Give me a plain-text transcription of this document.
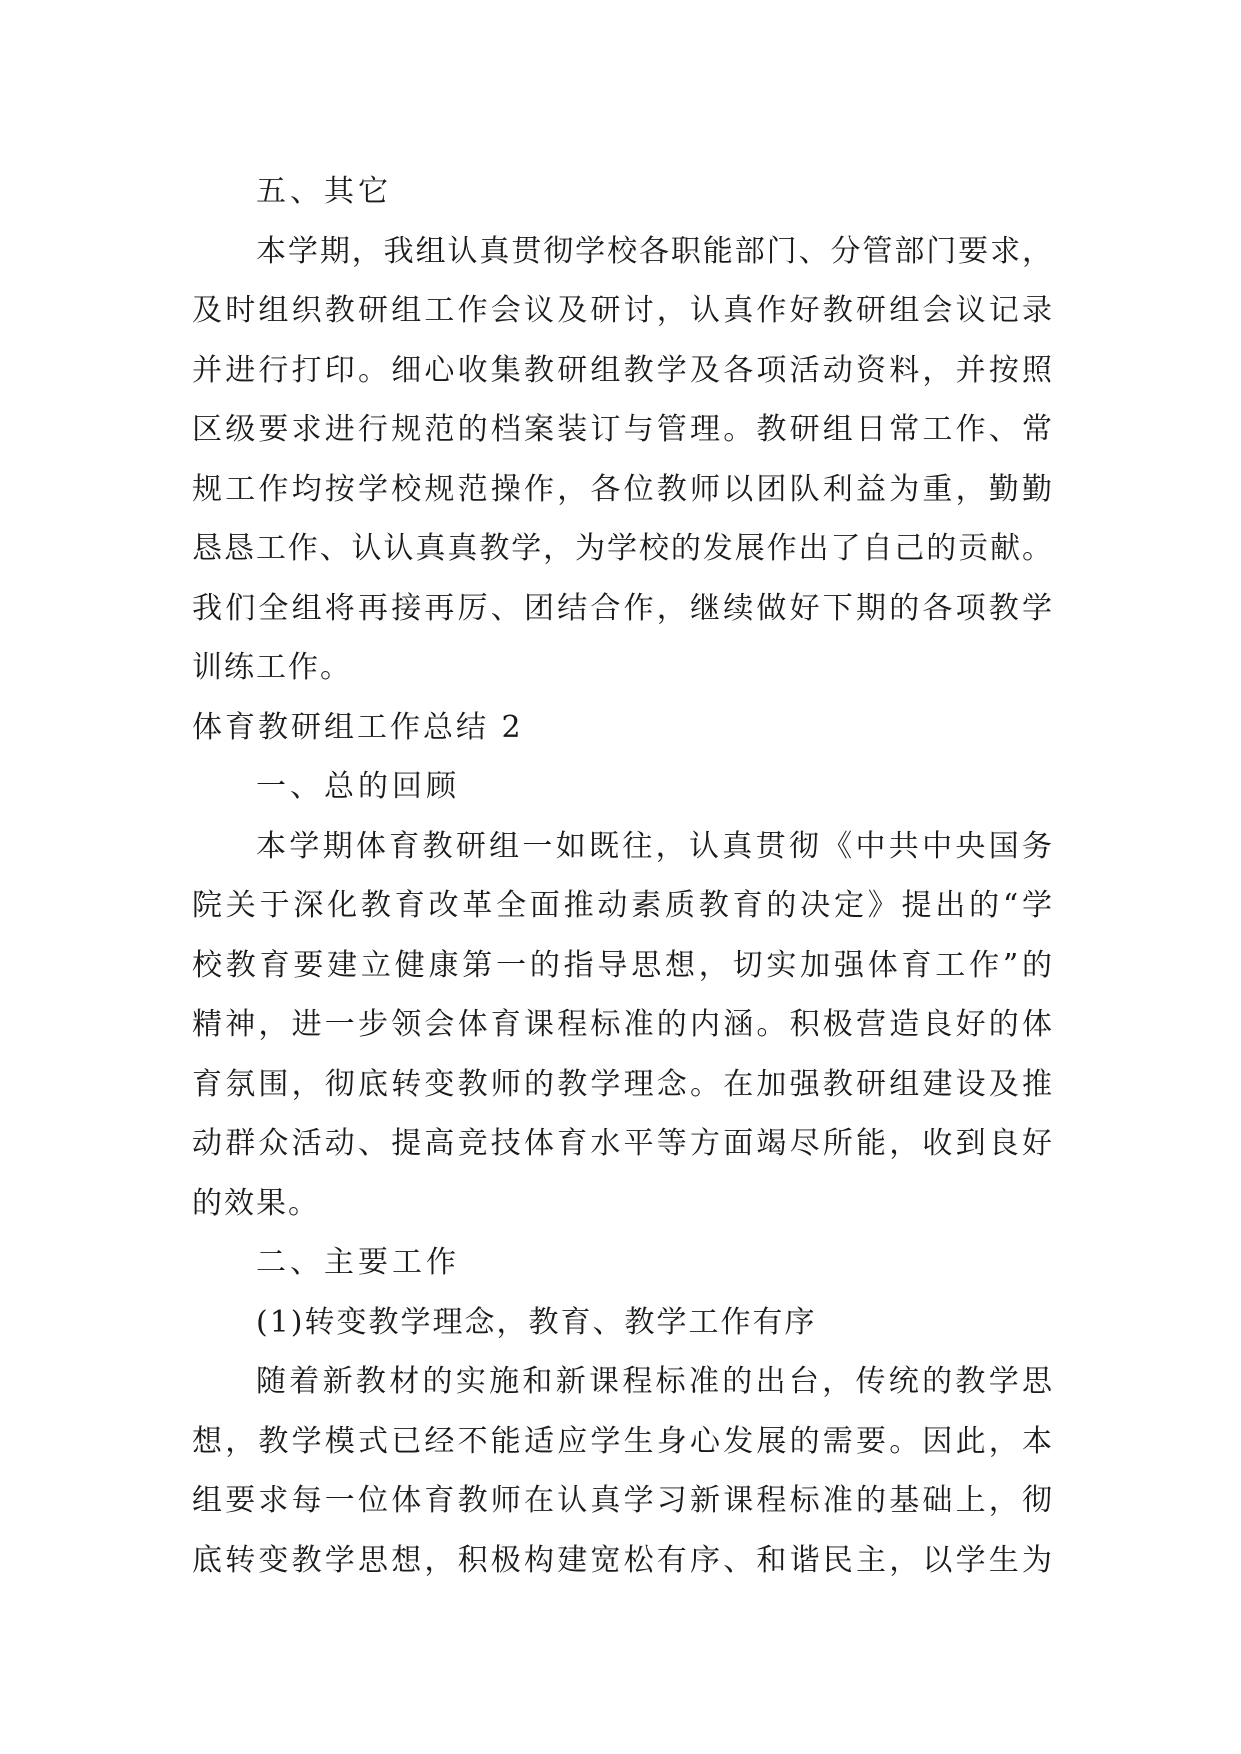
五、其它
本学期，我组认真贯彻学校各职能部门、分管部门要求，
及时组织教研组工作会议及研讨，认真作好教研组会议记录
并进行打印。细心收集教研组教学及各项活动资料，并按照
区级要求进行规范的档案装订与管理。教研组日常工作、常
规工作均按学校规范操作，各位教师以团队利益为重，勤勤
恳恳工作、认认真真教学，为学校的发展作出了自己的贡献。
我们全组将再接再厉、团结合作，继续做好下期的各项教学
训练工作。
体育教研组工作总结 2
一、总的回顾
本学期体育教研组一如既往，认真贯彻《中共中央国务
院关于深化教育改革全面推动素质教育的决定》提出的“学
校教育要建立健康第一的指导思想，切实加强体育工作”的
精神，进一步领会体育课程标准的内涵。积极营造良好的体
育氛围，彻底转变教师的教学理念。在加强教研组建设及推
动群众活动、提高竞技体育水平等方面竭尽所能，收到良好
的效果。
二、主要工作
(1)转变教学理念，教育、教学工作有序
随着新教材的实施和新课程标准的出台，传统的教学思
想，教学模式已经不能适应学生身心发展的需要。因此，本
组要求每一位体育教师在认真学习新课程标准的基础上，彻
底转变教学思想，积极构建宽松有序、和谐民主，以学生为
